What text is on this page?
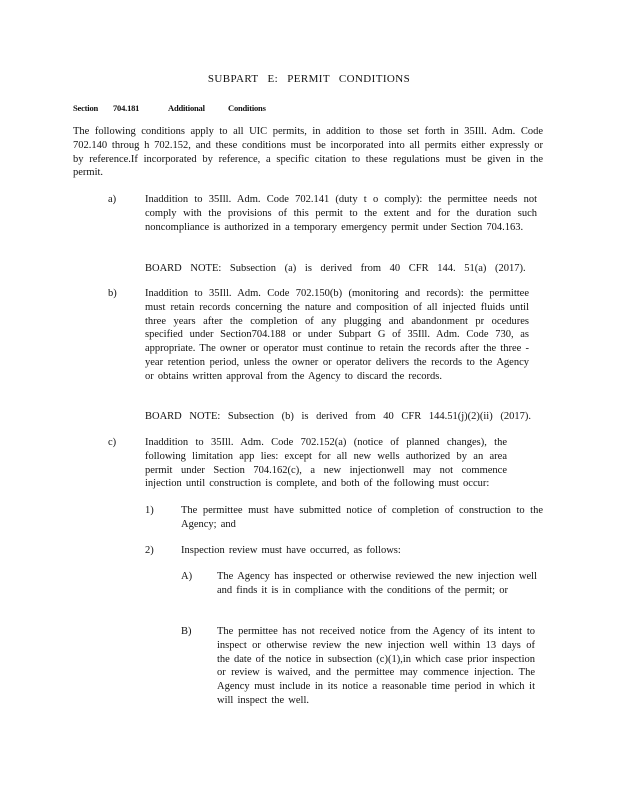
SUBPART E: PERMIT CONDITIONS
Section 704.181	Additional	Conditions
The following conditions apply to all UIC permits, in addition to those set forth in 35Ill. Adm. Code 702.140 throug h 702.152, and these conditions must be incorporated into all permits either expressly or by reference.If incorporated by reference, a specific citation to these regulations must be given in the permit.
a)	Inaddition to 35Ill. Adm. Code 702.141 (duty t o comply): the permittee needs not comply with the provisions of this permit to the extent and for the duration such noncompliance is authorized in a temporary emergency permit under Section 704.163.
BOARD NOTE: Subsection (a) is derived from 40 CFR 144. 51(a) (2017).
b)	Inaddition to 35Ill. Adm. Code 702.150(b) (monitoring and records): the permittee must retain records concerning the nature and composition of all injected fluids until three years after the completion of any plugging and abandonment pr ocedures specified under Section704.188 or under Subpart G of 35Ill. Adm. Code 730, as appropriate. The owner or operator must continue to retain the records after the three -year retention period, unless the owner or operator delivers the records to the Agency or obtains written approval from the Agency to discard the records.
BOARD NOTE: Subsection (b) is derived from 40 CFR 144.51(j)(2)(ii) (2017).
c)	Inaddition to 35Ill. Adm. Code 702.152(a) (notice of planned changes), the following limitation app lies: except for all new wells authorized by an area permit under Section 704.162(c), a new injectionwell may not commence injection until construction is complete, and both of the following must occur:
1)	The permittee must have submitted notice of completion of construction to the Agency; and
2)	Inspection review must have occurred, as follows:
A) The Agency has inspected or otherwise reviewed the new injection well and finds it is in compliance with the conditions of the permit; or
B) The permittee has not received notice from the Agency of its intent to inspect or otherwise review the new injection well within 13 days of the date of the notice in subsection (c)(1),in which case prior inspection or review is waived, and the permittee may commence injection. The Agency must include in its notice a reasonable time period in which it will inspect the well.
